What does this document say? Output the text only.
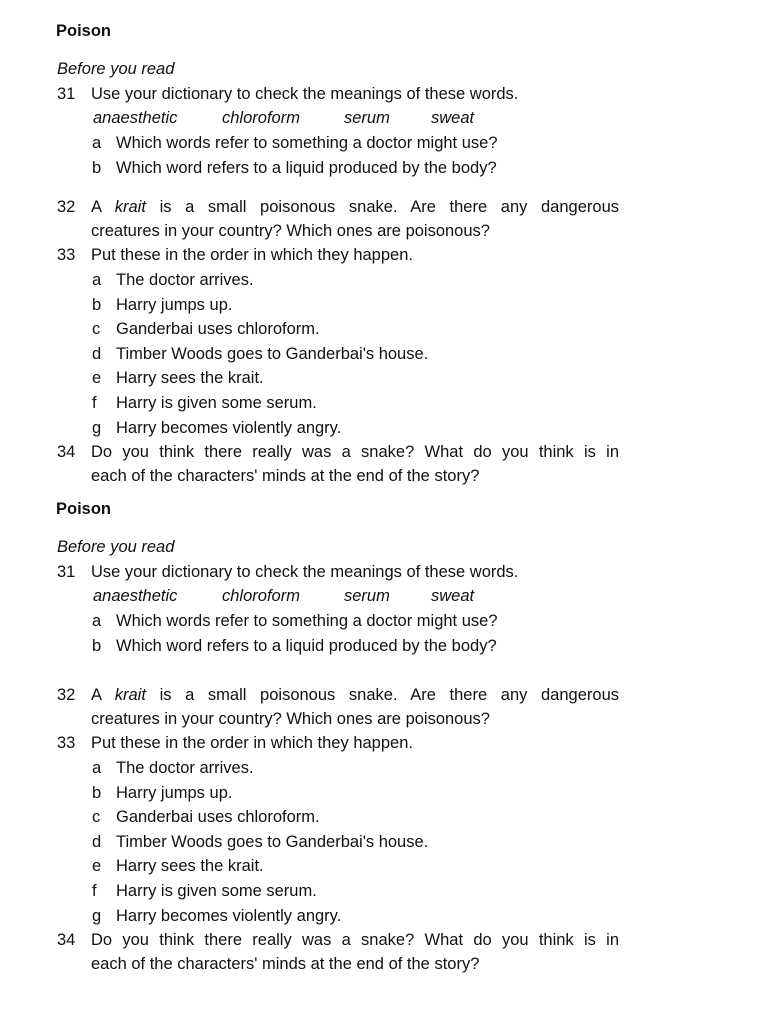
Poison
Before you read
31 Use your dictionary to check the meanings of these words.
anaesthetic	chloroform	serum sweat
a Which words refer to something a doctor might use?
b Which word refers to a liquid produced by the body?
32 A krait is a small poisonous snake. Are there any dangerous
creatures in your country? Which ones are poisonous?
33 Put these in the order in which they happen.
a The doctor arrives.
b Harry jumps up.
c Ganderbai uses chloroform.
d Timber Woods goes to Ganderbai's house.
e Harry sees the krait.
f Harry is given some serum.
g Harry becomes violently angry.
34 Do you think there really was a snake? What do you think is in
each of the characters' minds at the end of the story?
Poison
Before you read
31 Use your dictionary to check the meanings of these words.
anaesthetic	chloroform	serum sweat
a Which words refer to something a doctor might use?
b Which word refers to a liquid produced by the body?
32 A krait is a small poisonous snake. Are there any dangerous
creatures in your country? Which ones are poisonous?
33 Put these in the order in which they happen.
a The doctor arrives.
b Harry jumps up.
c Ganderbai uses chloroform.
d Timber Woods goes to Ganderbai's house.
e Harry sees the krait.
f Harry is given some serum.
g Harry becomes violently angry.
34 Do you think there really was a snake? What do you think is in
each of the characters' minds at the end of the story?
